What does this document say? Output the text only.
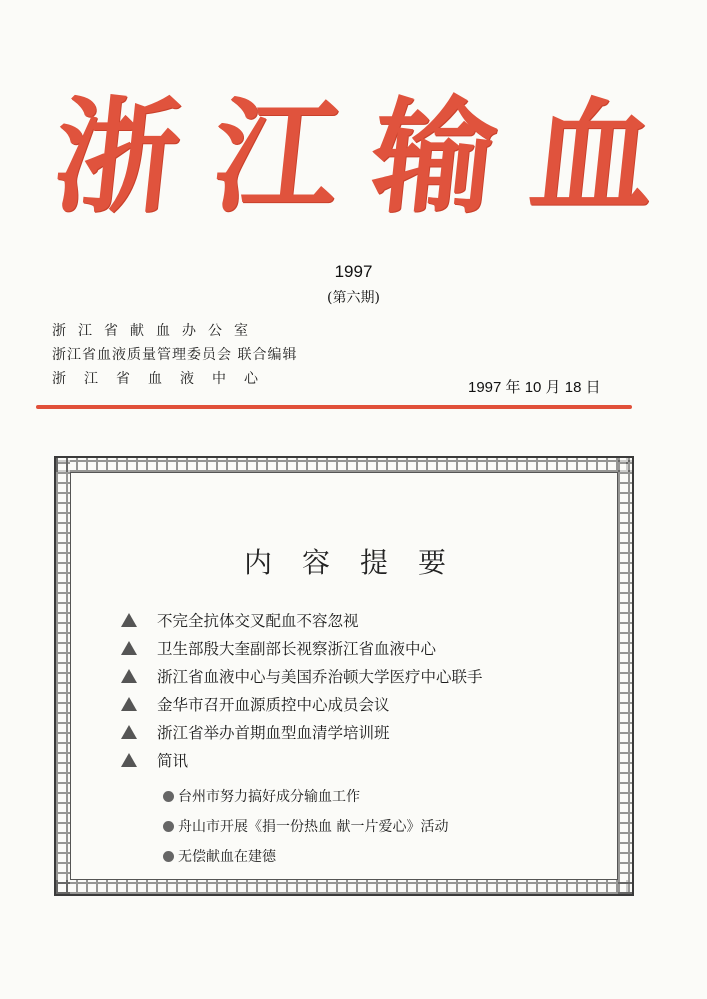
浙 江 输 血
1997
(第六期)
浙江省献血办公室
浙江省血液质量管理委员会 联合编辑
浙江省血液中心	1997 年 10 月 18 日
内容提要
不完全抗体交叉配血不容忽视
卫生部殷大奎副部长视察浙江省血液中心
浙江省血液中心与美国乔治顿大学医疗中心联手
金华市召开血源质控中心成员会议
浙江省举办首期血型血清学培训班
简讯
台州市努力搞好成分输血工作
舟山市开展《捐一份热血 献一片爱心》活动
无偿献血在建德
